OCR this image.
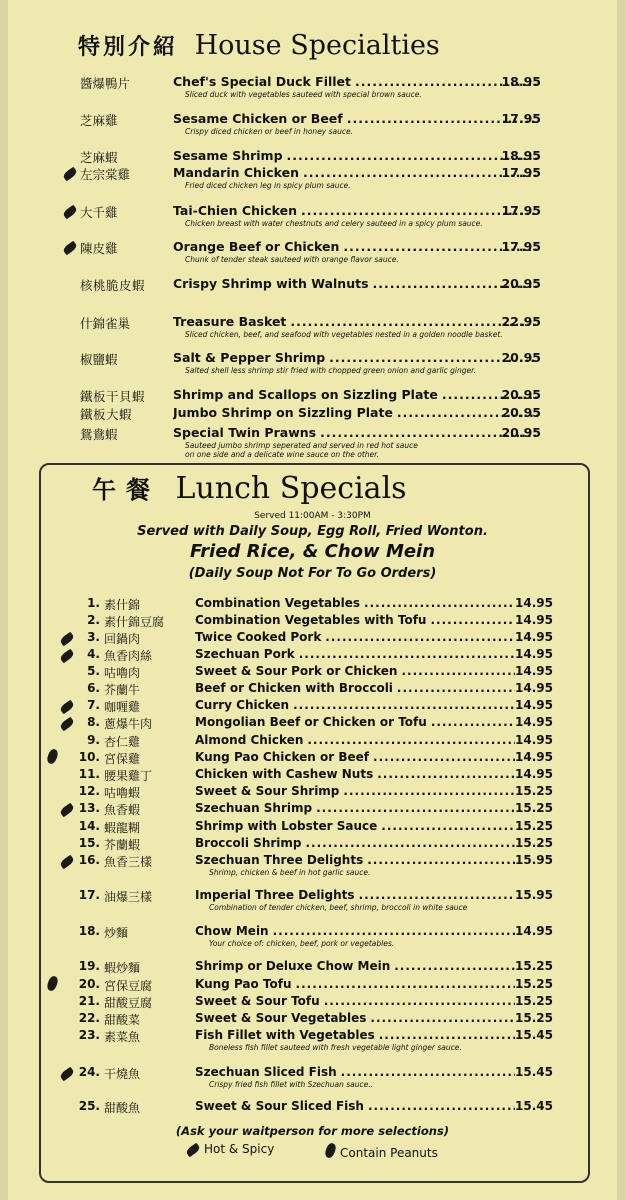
特別介紹 House Specialties
醬爆鴨片	Chef's Special Duck Fillet .....	18.95
Sliced duck with vegetables sauteed with special brown sauce.
芝麻雞	Sesame Chicken or Beef .....	17.95
Crispy diced chicken or beef in honey sauce.
芝麻蝦	Sesame Shrimp .....	18.95
左宗棠雞	Mandarin Chicken .....	17.95
Fried diced chicken leg in spicy plum sauce.
大千雞	Tai-Chien Chicken .....	17.95
Chicken breast with water chestnuts and celery sauteed in a spicy plum sauce.
陳皮雞	Orange Beef or Chicken .....	17.95
Chunk of tender steak sauteed with orange flavor sauce.
核桃脆皮蝦	Crispy Shrimp with Walnuts .....	20.95
什錦雀巢	Treasure Basket .....	22.95
Sliced chicken, beef, and seafood with vegetables nested in a golden noodle basket.
椒鹽蝦	Salt & Pepper Shrimp .....	20.95
Salted shell less shrimp stir fried with chopped green onion and garlic ginger.
鐵板干貝蝦	Shrimp and Scallops on Sizzling Plate .....	20.95
鐵板大蝦	Jumbo Shrimp on Sizzling Plate .....	20.95
鴛鴦蝦	Special Twin Prawns .....	20.95
Sauteed jumbo shrimp seperated and served in red hot sauce
on one side and a delicate wine sauce on the other.
午餐 Lunch Specials
Served 11:00AM - 3:30PM
Served with Daily Soup, Egg Roll, Fried Wonton.
Fried Rice, & Chow Mein
(Daily Soup Not For To Go Orders)
1. 素什錦	Combination Vegetables .....	14.95
2. 素什錦豆腐	Combination Vegetables with Tofu .....	14.95
3. 回鍋肉	Twice Cooked Pork .....	14.95
4. 魚香肉絲	Szechuan Pork .....	14.95
5. 咕嚕肉	Sweet & Sour Pork or Chicken .....	14.95
6. 芥蘭牛	Beef or Chicken with Broccoli .....	14.95
7. 咖喱雞	Curry Chicken .....	14.95
8. 蔥爆牛肉	Mongolian Beef or Chicken or Tofu .....	14.95
9. 杏仁雞	Almond Chicken .....	14.95
10. 宮保雞	Kung Pao Chicken or Beef .....	14.95
11. 腰果雞丁	Chicken with Cashew Nuts .....	14.95
12. 咕嚕蝦	Sweet & Sour Shrimp .....	15.25
13. 魚香蝦	Szechuan Shrimp .....	15.25
14. 蝦龍糊	Shrimp with Lobster Sauce .....	15.25
15. 芥蘭蝦	Broccoli Shrimp .....	15.25
16. 魚香三樣	Szechuan Three Delights .....	15.95
Shrimp, chicken & beef in hot garlic sauce.
17. 油爆三樣	Imperial Three Delights .....	15.95
Combination of tender chicken, beef, shrimp, broccoli in white sauce
18. 炒麵	Chow Mein .....	14.95
Your choice of: chicken, beef, pork or vegetables.
19. 蝦炒麵	Shrimp or Deluxe Chow Mein .....	15.25
20. 宮保豆腐	Kung Pao Tofu .....	15.25
21. 甜酸豆腐	Sweet & Sour Tofu .....	15.25
22. 甜酸菜	Sweet & Sour Vegetables .....	15.25
23. 素菜魚	Fish Fillet with Vegetables .....	15.45
Boneless fish fillet sauteed with fresh vegetable light ginger sauce.
24. 干燒魚	Szechuan Sliced Fish .....	15.45
Crispy fried fish fillet with Szechuan sauce..
25. 甜酸魚	Sweet & Sour Sliced Fish .....	15.45
(Ask your waitperson for more selections)
Hot & Spicy	Contain Peanuts
